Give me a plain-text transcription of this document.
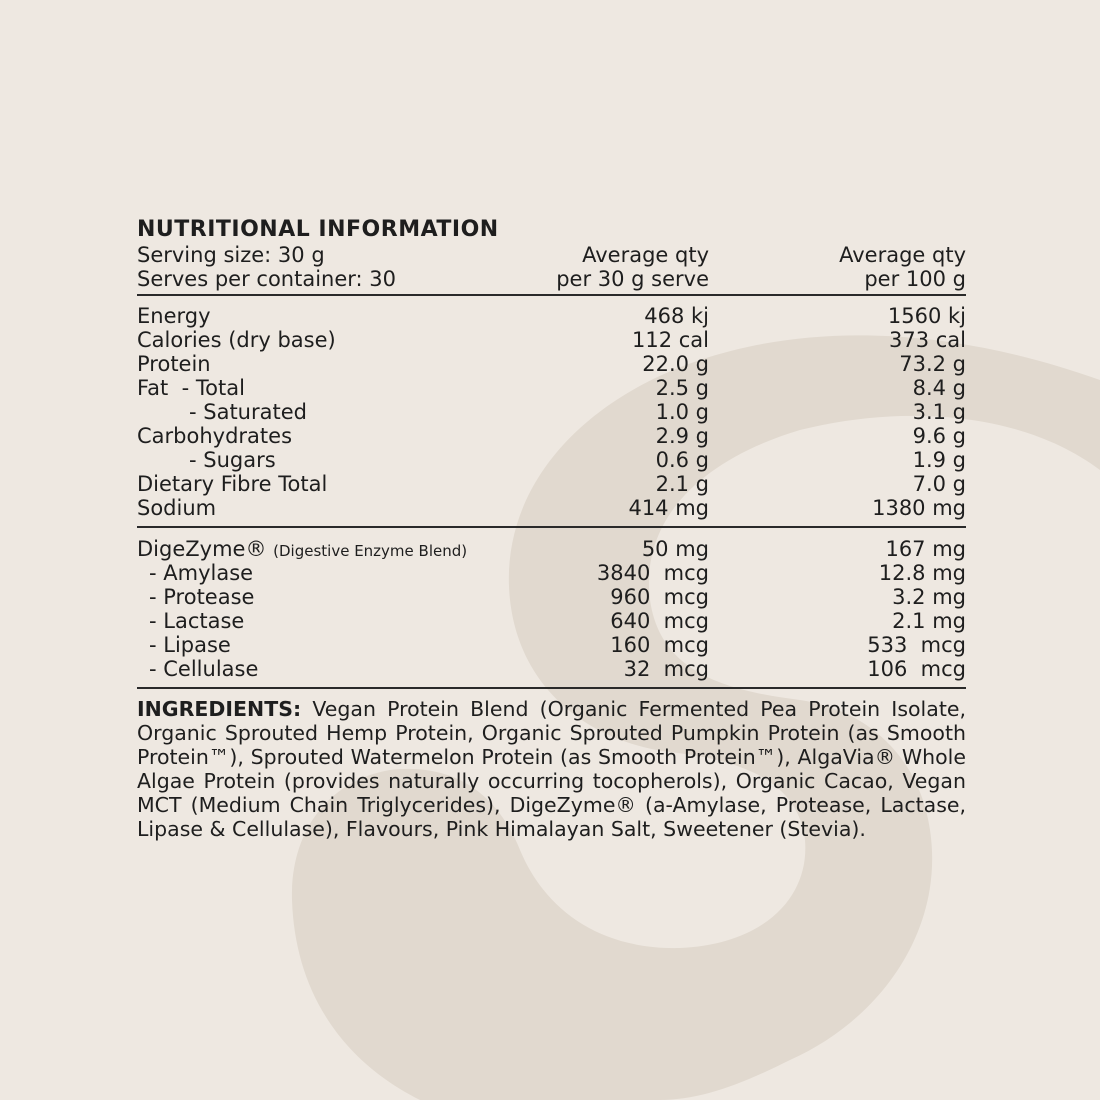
NUTRITIONAL INFORMATION
Serving size: 30 g	Average qty	Average qty
Serves per container: 30	per 30 g serve	per 100 g
Energy	468 kj	1560 kj
Calories (dry base)	112 cal	373 cal
Protein	22.0 g	73.2 g
Fat  - Total	2.5 g	8.4 g
- Saturated	1.0 g	3.1 g
Carbohydrates	2.9 g	9.6 g
- Sugars	0.6 g	1.9 g
Dietary Fibre Total	2.1 g	7.0 g
Sodium	414 mg	1380 mg
DigeZyme® (Digestive Enzyme Blend)	50 mg	167 mg
- Amylase	3840  mcg	12.8 mg
- Protease	960  mcg	3.2 mg
- Lactase	640  mcg	2.1 mg
- Lipase	160  mcg	533  mcg
- Cellulase	32  mcg	106  mcg
INGREDIENTS: Vegan Protein Blend (Organic Fermented Pea Protein Isolate, Organic Sprouted Hemp Protein, Organic Sprouted Pumpkin Protein (as Smooth Protein™), Sprouted Watermelon Protein (as Smooth Protein™), AlgaVia® Whole Algae Protein (provides naturally occurring tocopherols), Organic Cacao, Vegan MCT (Medium Chain Triglycerides), DigeZyme® (a-Amylase, Protease, Lactase, Lipase & Cellulase), Flavours, Pink Himalayan Salt, Sweetener (Stevia).
